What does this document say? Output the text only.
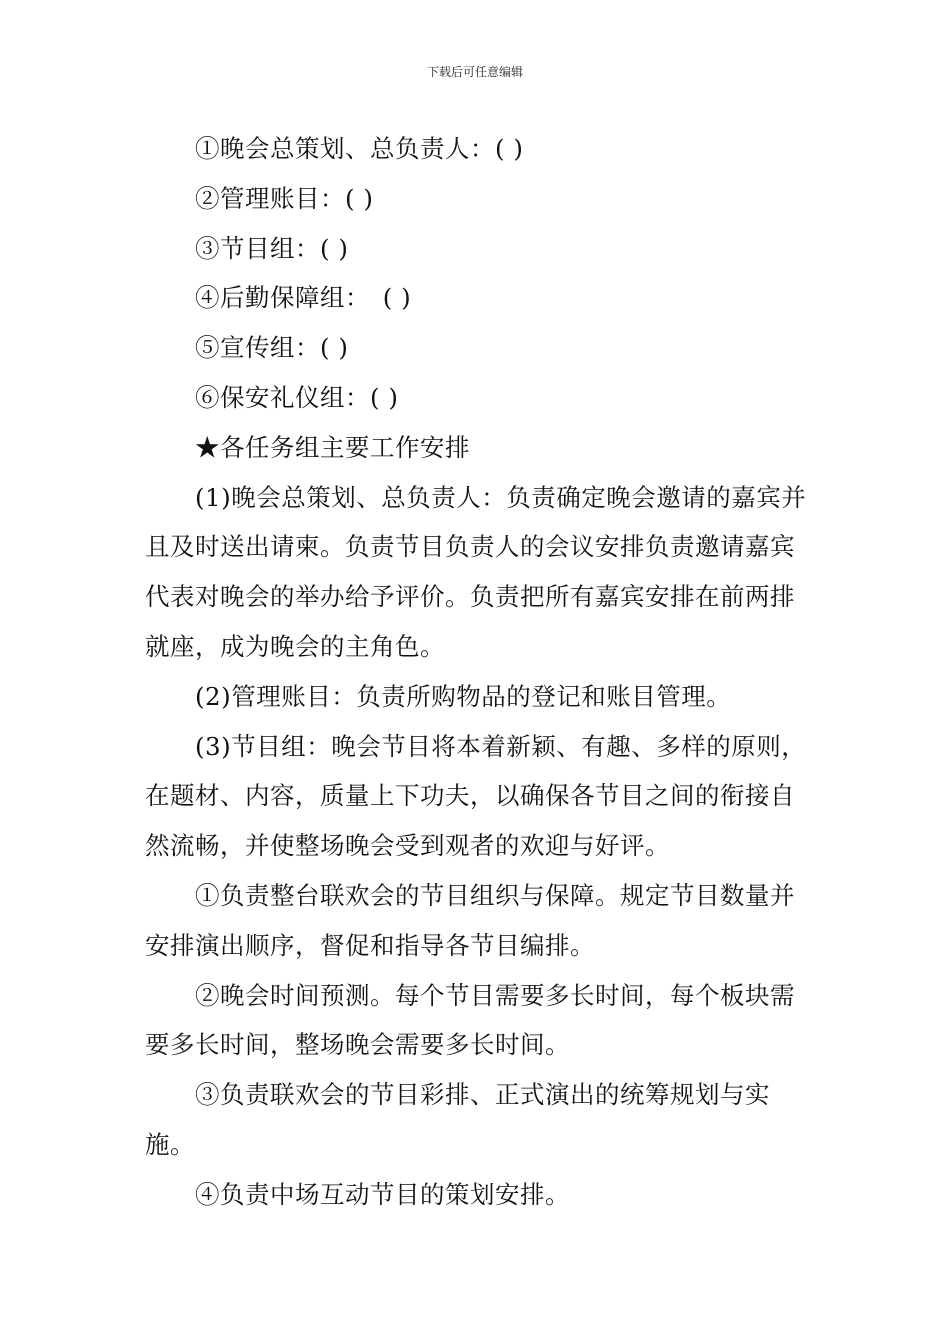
下载后可任意编辑

①晚会总策划、总负责人：( )

②管理账目：( )

③节目组：( )

④后勤保障组：　( )

⑤宣传组：( )

⑥保安礼仪组：( )

★各任务组主要工作安排

(1)晚会总策划、总负责人：负责确定晚会邀请的嘉宾并且及时送出请柬。负责节目负责人的会议安排负责邀请嘉宾代表对晚会的举办给予评价。负责把所有嘉宾安排在前两排就座，成为晚会的主角色。

(2)管理账目：负责所购物品的登记和账目管理。

(3)节目组：晚会节目将本着新颖、有趣、多样的原则，在题材、内容，质量上下功夫，以确保各节目之间的衔接自然流畅，并使整场晚会受到观者的欢迎与好评。

①负责整台联欢会的节目组织与保障。规定节目数量并安排演出顺序，督促和指导各节目编排。

②晚会时间预测。每个节目需要多长时间，每个板块需要多长时间，整场晚会需要多长时间。

③负责联欢会的节目彩排、正式演出的统筹规划与实施。

④负责中场互动节目的策划安排。
